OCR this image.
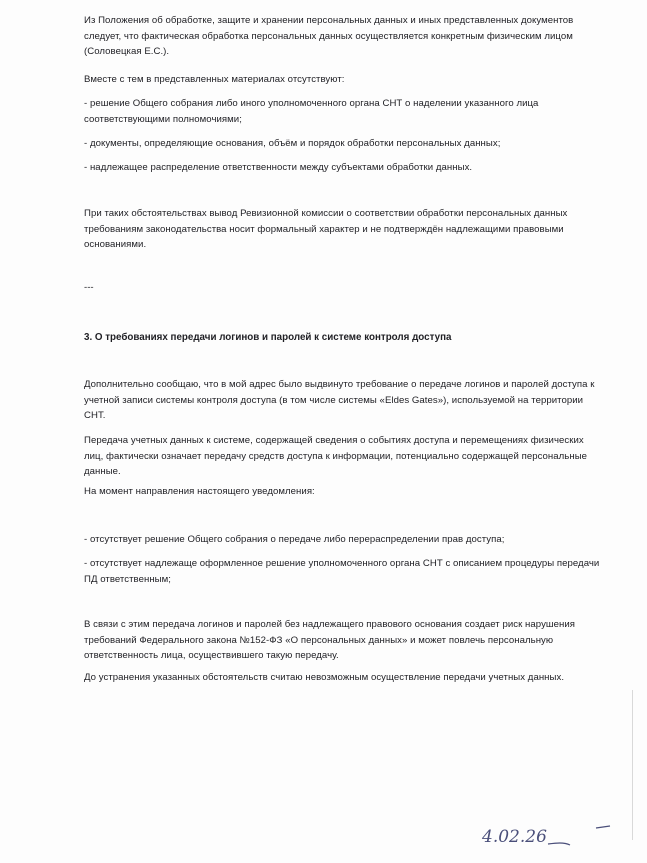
Из Положения об обработке, защите и хранении персональных данных и иных представленных документов следует, что фактическая обработка персональных данных осуществляется конкретным физическим лицом (Соловецкая Е.С.).

Вместе с тем в представленных материалах отсутствуют:

- решение Общего собрания либо иного уполномоченного органа СНТ о наделении указанного лица соответствующими полномочиями;

- документы, определяющие основания, объём и порядок обработки персональных данных;

- надлежащее распределение ответственности между субъектами обработки данных.

При таких обстоятельствах вывод Ревизионной комиссии о соответствии обработки персональных данных требованиям законодательства носит формальный характер и не подтверждён надлежащими правовыми основаниями.

---

3. О требованиях передачи логинов и паролей к системе контроля доступа

Дополнительно сообщаю, что в мой адрес было выдвинуто требование о передаче логинов и паролей доступа к учетной записи системы контроля доступа (в том числе системы «Eldes Gates»), используемой на территории СНТ.

Передача учетных данных к системе, содержащей сведения о событиях доступа и перемещениях физических лиц, фактически означает передачу средств доступа к информации, потенциально содержащей персональные данные.

На момент направления настоящего уведомления:

- отсутствует решение Общего собрания о передаче либо перераспределении прав доступа;

- отсутствует надлежаще оформленное решение уполномоченного органа СНТ с описанием процедуры передачи ПД ответственным;

В связи с этим передача логинов и паролей без надлежащего правового основания создает риск нарушения требований Федерального закона №152-ФЗ «О персональных данных» и может повлечь персональную ответственность лица, осуществившего такую передачу.

До устранения указанных обстоятельств считаю невозможным осуществление передачи учетных данных.

4.02.26
